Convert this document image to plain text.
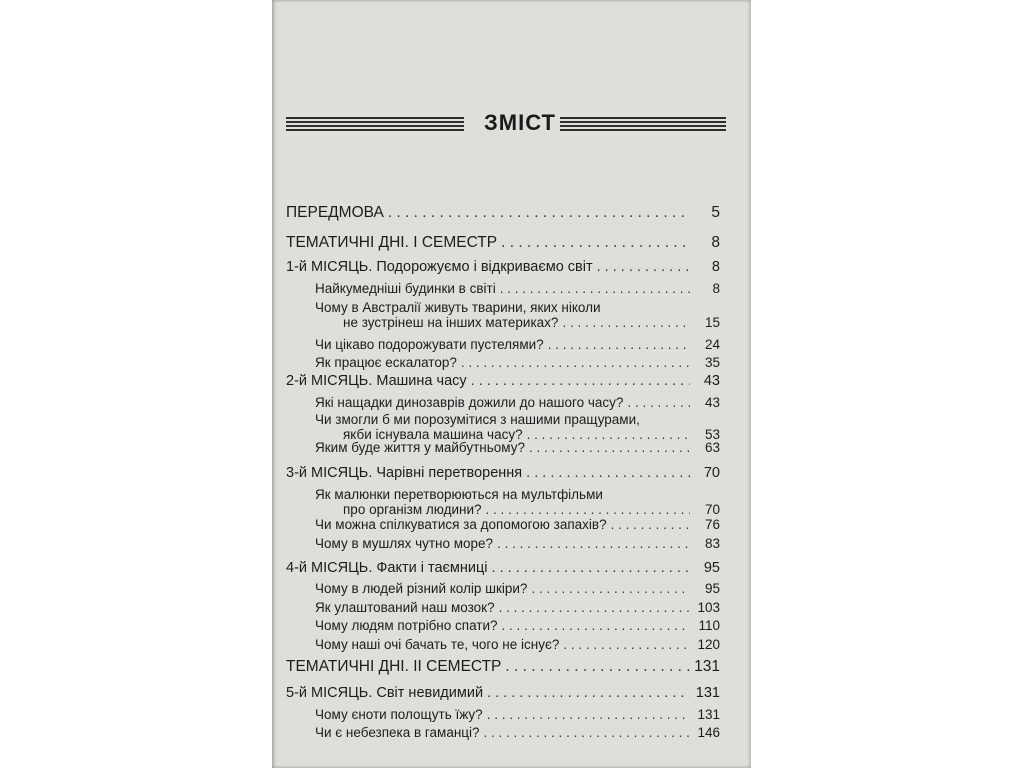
ЗМІСТ
ПЕРЕДМОВА . . .	5
ТЕМАТИЧНІ ДНІ. I СЕМЕСТР . . .	8
1-й МІСЯЦЬ. Подорожуємо і відкриваємо світ . . .	8
Найкумедніші будинки в світі . . .	8
Чому в Австралії живуть тварини, яких ніколи
не зустрінеш на інших материках? . . .	15
Чи цікаво подорожувати пустелями? . . .	24
Як працює ескалатор? . . .	35
2-й МІСЯЦЬ. Машина часу . . .	43
Які нащадки динозаврів дожили до нашого часу? . . .	43
Чи змогли б ми порозумітися з нашими пращурами,
якби існувала машина часу? . . .	53
Яким буде життя у майбутньому? . . .	63
3-й МІСЯЦЬ. Чарівні перетворення . . .	70
Як малюнки перетворюються на мультфільми
про організм людини? . . .	70
Чи можна спілкуватися за допомогою запахів? . . .	76
Чому в мушлях чутно море? . . .	83
4-й МІСЯЦЬ. Факти і таємниці . . .	95
Чому в людей різний колір шкіри? . . .	95
Як улаштований наш мозок? . . .	103
Чому людям потрібно спати? . . .	110
Чому наші очі бачать те, чого не існує? . . .	120
ТЕМАТИЧНІ ДНІ. II СЕМЕСТР . . .	131
5-й МІСЯЦЬ. Світ невидимий . . .	131
Чому єноти полощуть їжу? . . .	131
Чи є небезпека в гаманці? . . .	146
